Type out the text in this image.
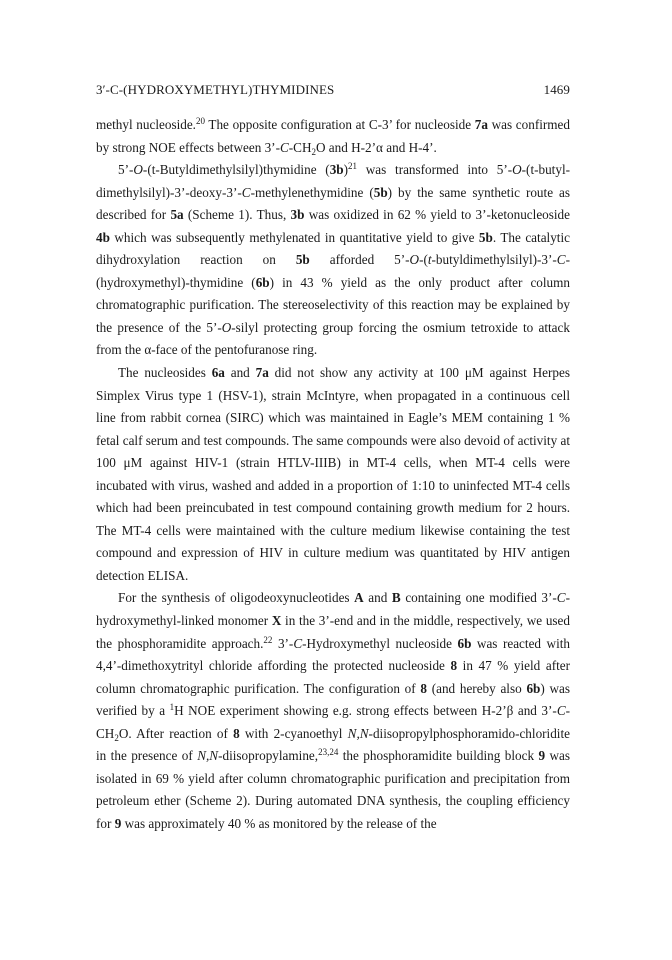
3′-C-(HYDROXYMETHYL)THYMIDINES	1469

methyl nucleoside.$^{20}$ The opposite configuration at C-3’ for nucleoside 7a was confirmed by strong NOE effects between $3’-C-CH_2O$ and H-2’α and H-4’.

5’-O-(t-Butyldimethylsilyl)thymidine $(3b)^{21}$ was transformed into 5’-O-(t-butyl-dimethylsilyl)-3’-deoxy-3’-C-methylenethymidine (5b) by the same synthetic route as described for 5a (Scheme 1). Thus, 3b was oxidized in 62 % yield to 3’-ketonucleoside 4b which was subsequently methylenated in quantitative yield to give 5b. The catalytic dihydroxylation reaction on 5b afforded 5’-O-(t-butyldimethylsilyl)-3’-C-(hydroxymethyl)-thymidine (6b) in 43 % yield as the only product after column chromatographic purification. The stereoselectivity of this reaction may be explained by the presence of the 5’-O-silyl protecting group forcing the osmium tetroxide to attack from the α-face of the pentofuranose ring.

The nucleosides 6a and 7a did not show any activity at 100 μM against Herpes Simplex Virus type 1 (HSV-1), strain McIntyre, when propagated in a continuous cell line from rabbit cornea (SIRC) which was maintained in Eagle’s MEM containing 1 % fetal calf serum and test compounds. The same compounds were also devoid of activity at 100 μM against HIV-1 (strain HTLV-IIIB) in MT-4 cells, when MT-4 cells were incubated with virus, washed and added in a proportion of 1:10 to uninfected MT-4 cells which had been preincubated in test compound containing growth medium for 2 hours. The MT-4 cells were maintained with the culture medium likewise containing the test compound and expression of HIV in culture medium was quantitated by HIV antigen detection ELISA.

For the synthesis of oligodeoxynucleotides A and B containing one modified 3’-C-hydroxymethyl-linked monomer X in the 3’-end and in the middle, respectively, we used the phosphoramidite approach.$^{22}$ 3’-C-Hydroxymethyl nucleoside 6b was reacted with 4,4’-dimethoxytrityl chloride affording the protected nucleoside 8 in 47 % yield after column chromatographic purification. The configuration of 8 (and hereby also 6b) was verified by a $^1$H NOE experiment showing e.g. strong effects between H-2’β and $3’-C-CH_2O$. After reaction of 8 with 2-cyanoethyl N,N-diisopropylphosphoramido-chloridite in the presence of N,N-diisopropylamine,$^{23,24}$ the phosphoramidite building block 9 was isolated in 69 % yield after column chromatographic purification and precipitation from petroleum ether (Scheme 2). During automated DNA synthesis, the coupling efficiency for 9 was approximately 40 % as monitored by the release of the
